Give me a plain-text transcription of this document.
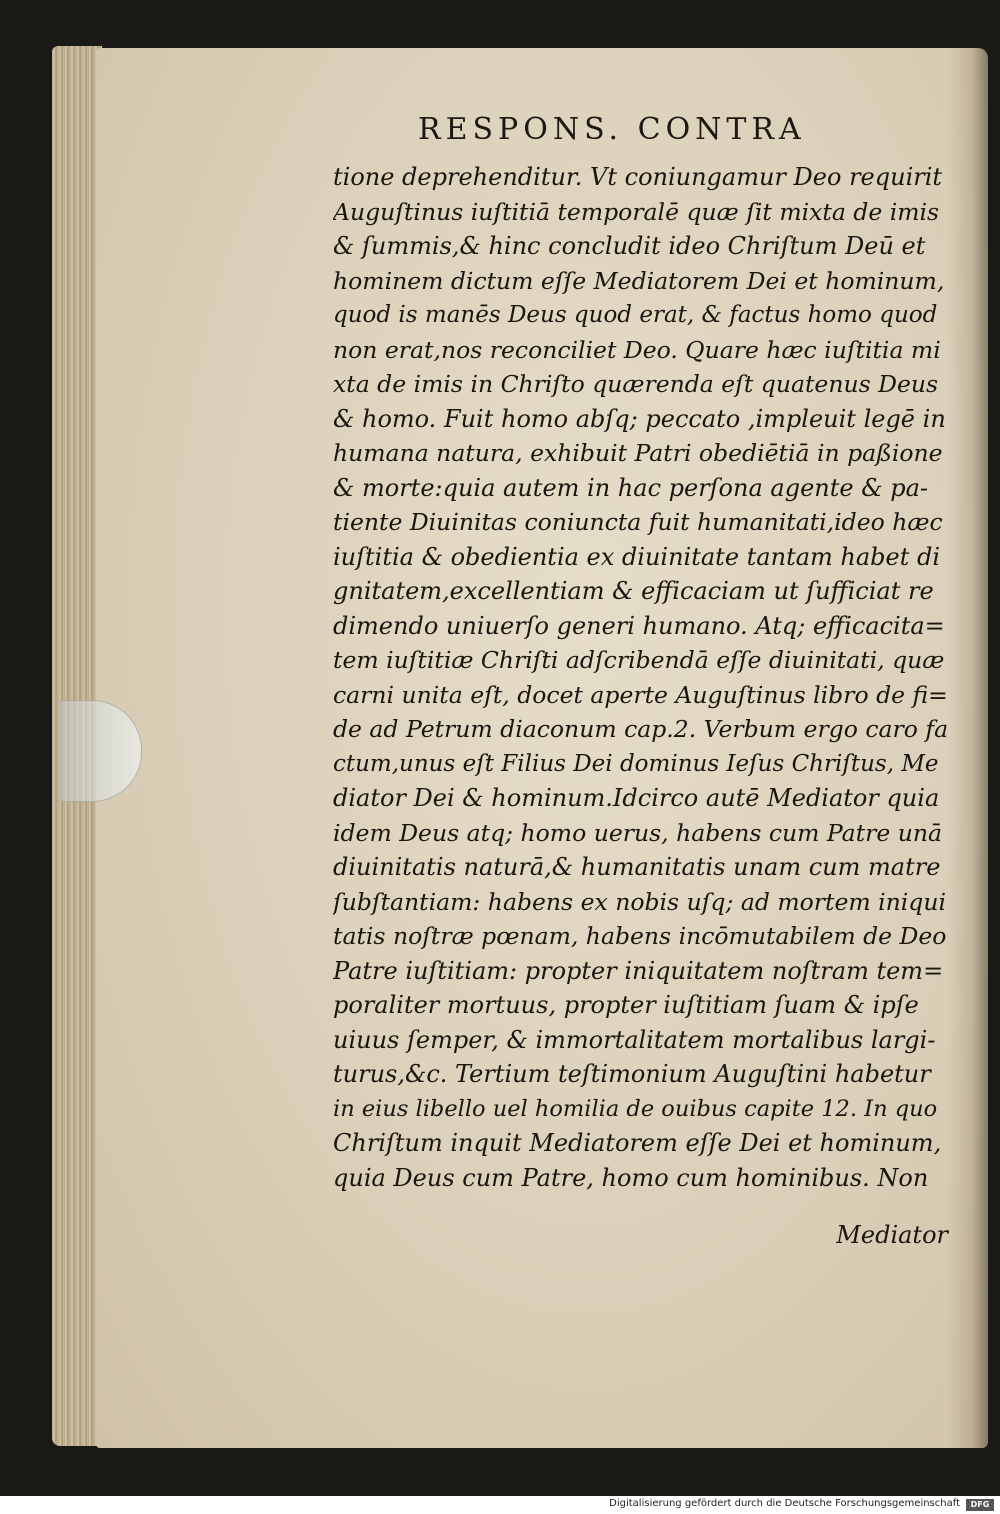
RESPONS. CONTRA
tione deprehenditur. Vt coniungamur Deo requirit
Auguſtinus iuſtitiā temporalē quæ ſit mixta de imis
& ſummis,& hinc concludit ideo Chriſtum Deū et
hominem dictum eſſe Mediatorem Dei et hominum,
quod is manēs Deus quod erat, & factus homo quod
non erat,nos reconciliet Deo. Quare hæc iuſtitia mi
xta de imis in Chriſto quærenda eſt quatenus Deus
& homo. Fuit homo abſq; peccato ,impleuit legē in
humana natura, exhibuit Patri obediētiā in paßione
& morte:quia autem in hac perſona agente & pa-
tiente Diuinitas coniuncta fuit humanitati,ideo hæc
iuſtitia & obedientia ex diuinitate tantam habet di
gnitatem,excellentiam & efficaciam ut ſufficiat re
dimendo uniuerſo generi humano. Atq; efficacita=
tem iuſtitiæ Chriſti adſcribendā eſſe diuinitati, quæ
carni unita eſt, docet aperte Auguſtinus libro de fi=
de ad Petrum diaconum cap.2. Verbum ergo caro fa
ctum,unus eſt Filius Dei dominus Ieſus Chriſtus, Me
diator Dei & hominum.Idcirco autē Mediator quia
idem Deus atq; homo uerus, habens cum Patre unā
diuinitatis naturā,& humanitatis unam cum matre
ſubſtantiam: habens ex nobis uſq; ad mortem iniqui
tatis noſtræ pœnam, habens incōmutabilem de Deo
Patre iuſtitiam: propter iniquitatem noſtram tem=
poraliter mortuus, propter iuſtitiam ſuam & ipſe
uiuus ſemper, & immortalitatem mortalibus largi-
turus,&c. Tertium teſtimonium Auguſtini habetur
in eius libello uel homilia de ouibus capite 12. In quo
Chriſtum inquit Mediatorem eſſe Dei et hominum,
quia Deus cum Patre, homo cum hominibus. Non
Mediator
Digitalisierung gefördert durch die Deutsche Forschungsgemeinschaft	DFG
